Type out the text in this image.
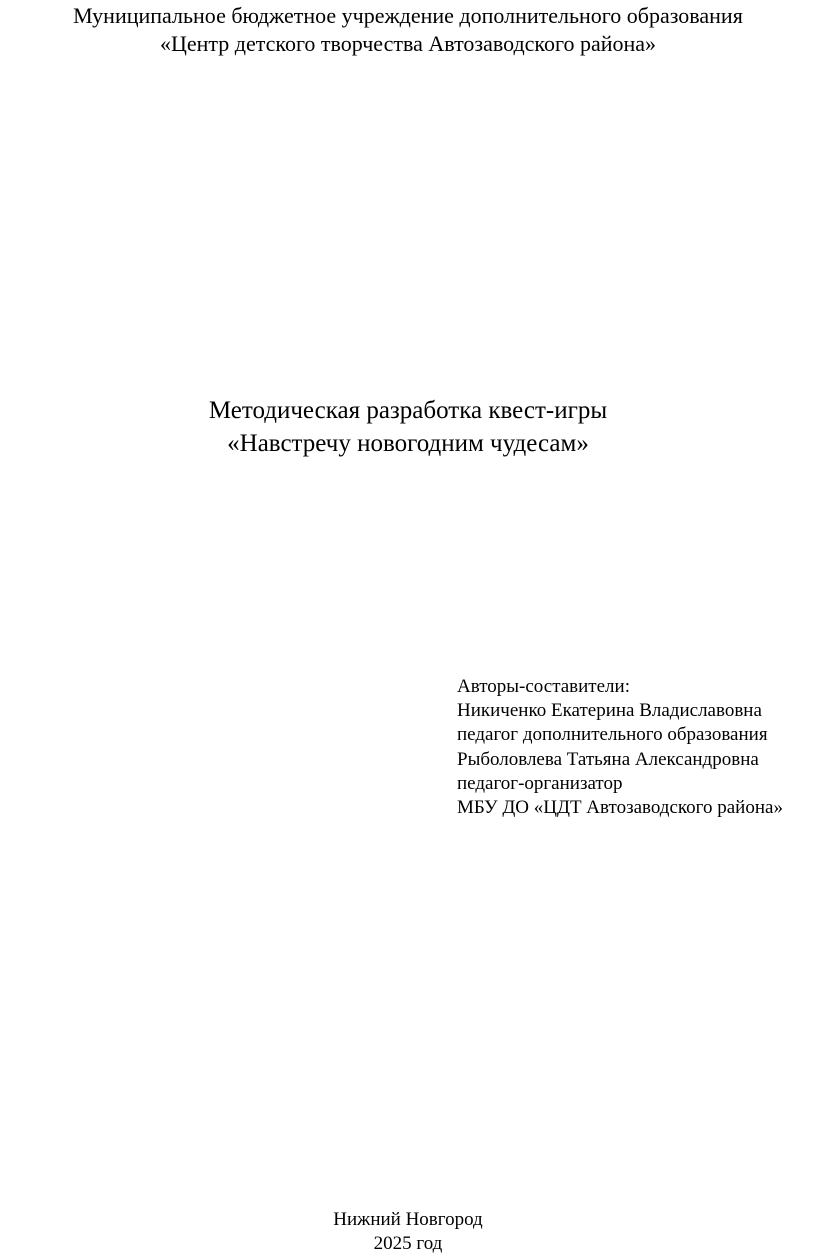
Муниципальное бюджетное учреждение дополнительного образования
«Центр детского творчества Автозаводского района»
Методическая разработка квест-игры
«Навстречу новогодним чудесам»
Авторы-составители:
Никиченко Екатерина Владиславовна
педагог дополнительного образования
Рыболовлева Татьяна Александровна
педагог-организатор
МБУ ДО «ЦДТ Автозаводского района»
Нижний Новгород
2025 год
